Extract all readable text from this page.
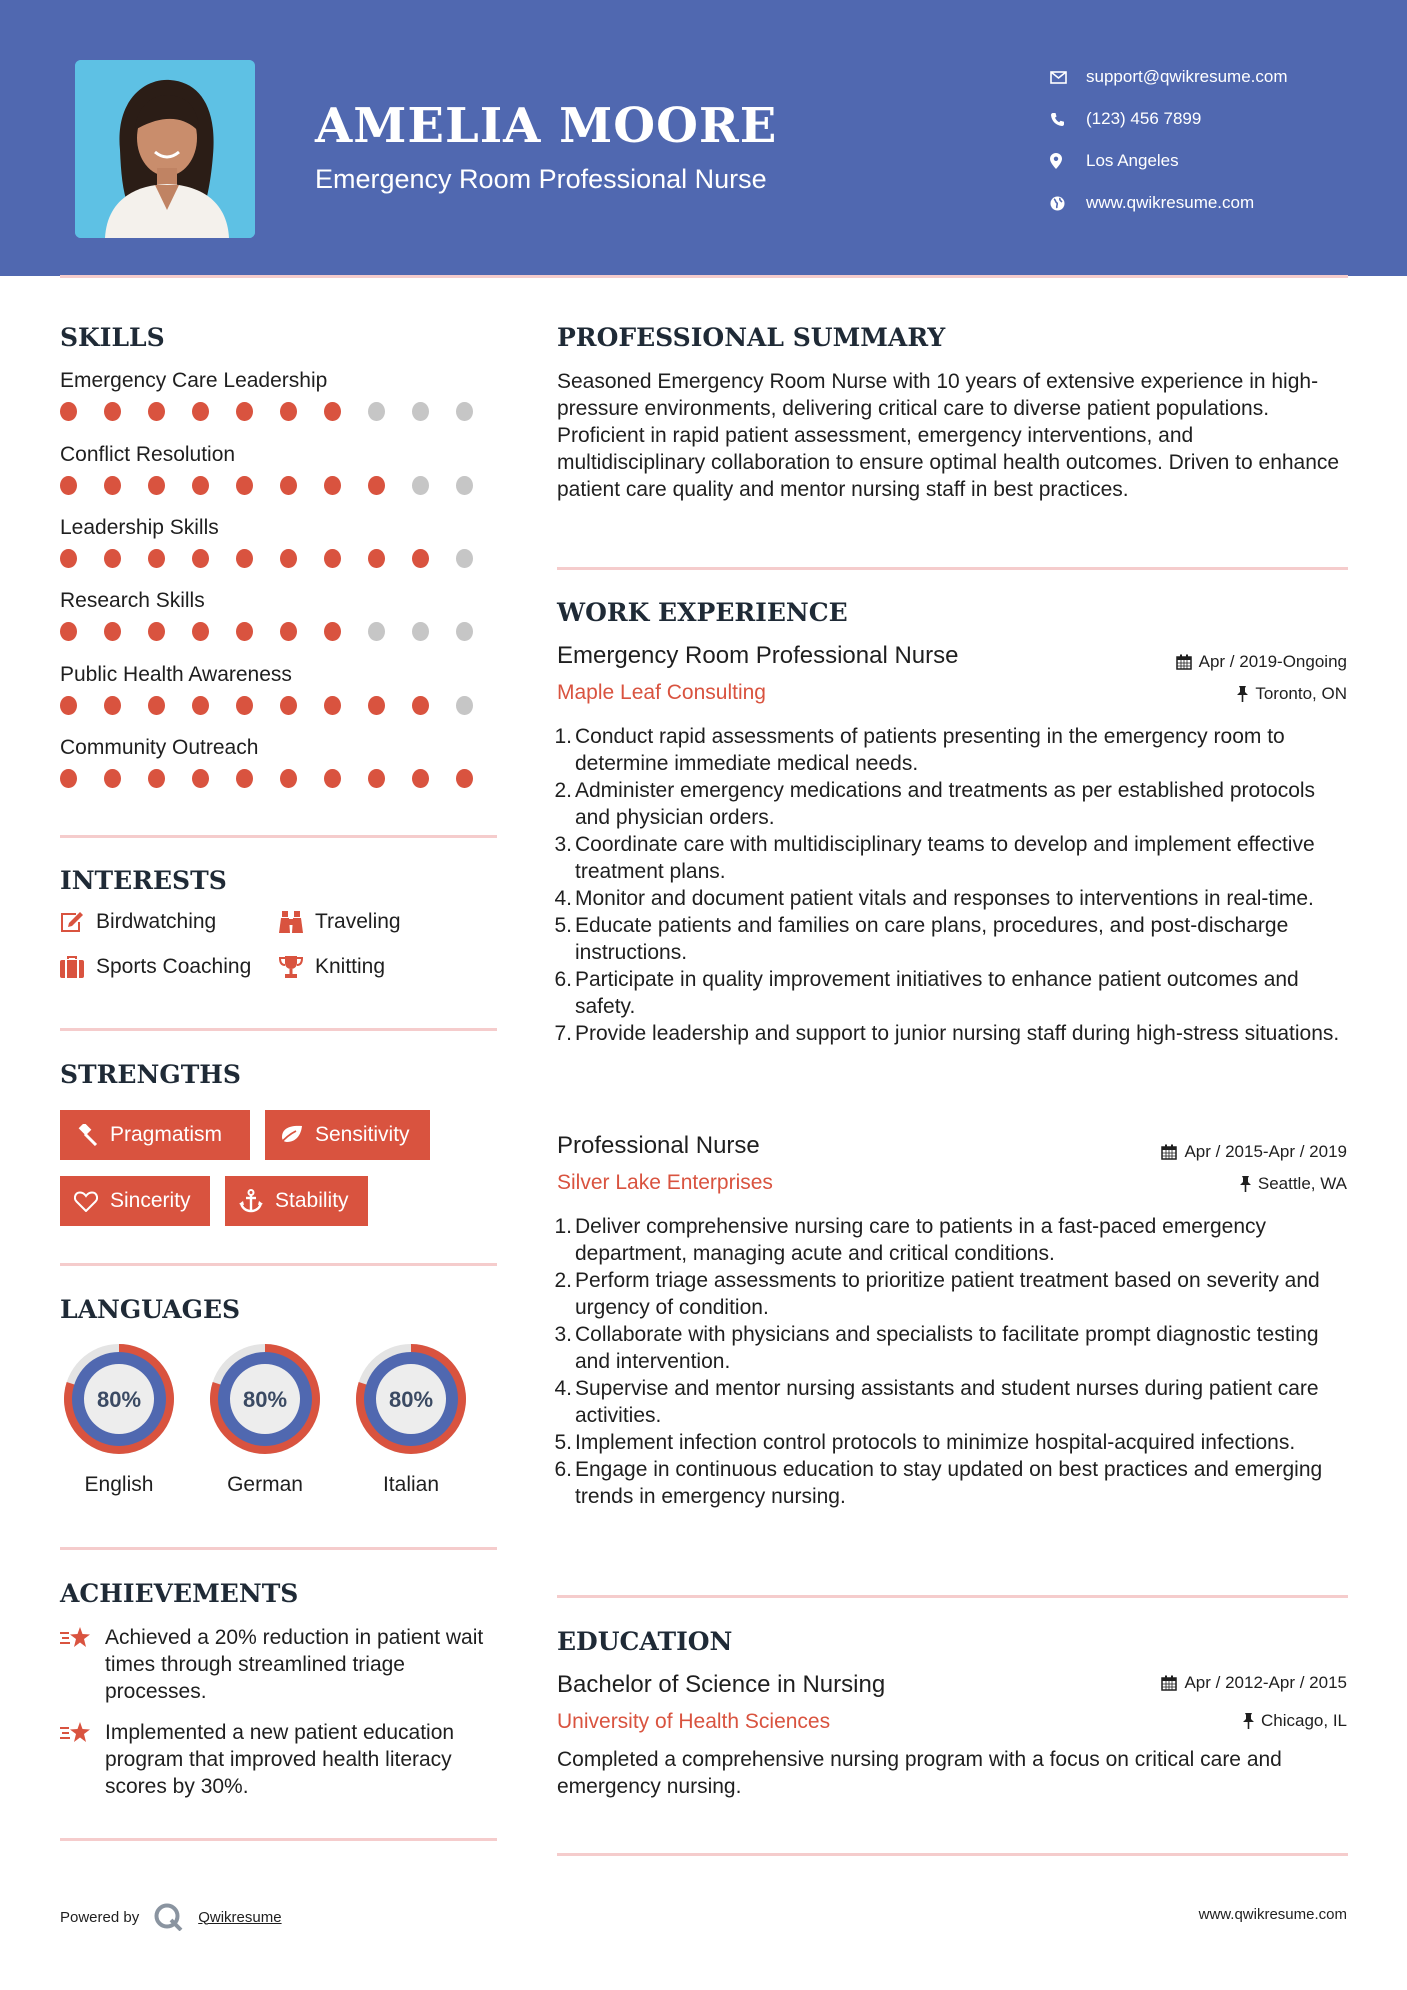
AMELIA MOORE
Emergency Room Professional Nurse
support@qwikresume.com
(123) 456 7899
Los Angeles
www.qwikresume.com
SKILLS
Emergency Care Leadership
Conflict Resolution
Leadership Skills
Research Skills
Public Health Awareness
Community Outreach
INTERESTS
Birdwatching	Traveling
Sports Coaching	Knitting
STRENGTHS
Pragmatism	Sensitivity
Sincerity	Stability
LANGUAGES
80%
English
80%
German
80%
Italian
ACHIEVEMENTS
Achieved a 20% reduction in patient wait times through streamlined triage processes.
Implemented a new patient education program that improved health literacy scores by 30%.
PROFESSIONAL SUMMARY
Seasoned Emergency Room Nurse with 10 years of extensive experience in high-pressure environments, delivering critical care to diverse patient populations. Proficient in rapid patient assessment, emergency interventions, and multidisciplinary collaboration to ensure optimal health outcomes. Driven to enhance patient care quality and mentor nursing staff in best practices.
WORK EXPERIENCE
Emergency Room Professional Nurse	Apr / 2019-Ongoing
Maple Leaf Consulting	Toronto, ON
Conduct rapid assessments of patients presenting in the emergency room to determine immediate medical needs.
Administer emergency medications and treatments as per established protocols and physician orders.
Coordinate care with multidisciplinary teams to develop and implement effective treatment plans.
Monitor and document patient vitals and responses to interventions in real-time.
Educate patients and families on care plans, procedures, and post-discharge instructions.
Participate in quality improvement initiatives to enhance patient outcomes and safety.
Provide leadership and support to junior nursing staff during high-stress situations.
Professional Nurse	Apr / 2015-Apr / 2019
Silver Lake Enterprises	Seattle, WA
Deliver comprehensive nursing care to patients in a fast-paced emergency department, managing acute and critical conditions.
Perform triage assessments to prioritize patient treatment based on severity and urgency of condition.
Collaborate with physicians and specialists to facilitate prompt diagnostic testing and intervention.
Supervise and mentor nursing assistants and student nurses during patient care activities.
Implement infection control protocols to minimize hospital-acquired infections.
Engage in continuous education to stay updated on best practices and emerging trends in emergency nursing.
EDUCATION
Bachelor of Science in Nursing	Apr / 2012-Apr / 2015
University of Health Sciences	Chicago, IL
Completed a comprehensive nursing program with a focus on critical care and emergency nursing.
Powered by	Qwikresume	www.qwikresume.com
